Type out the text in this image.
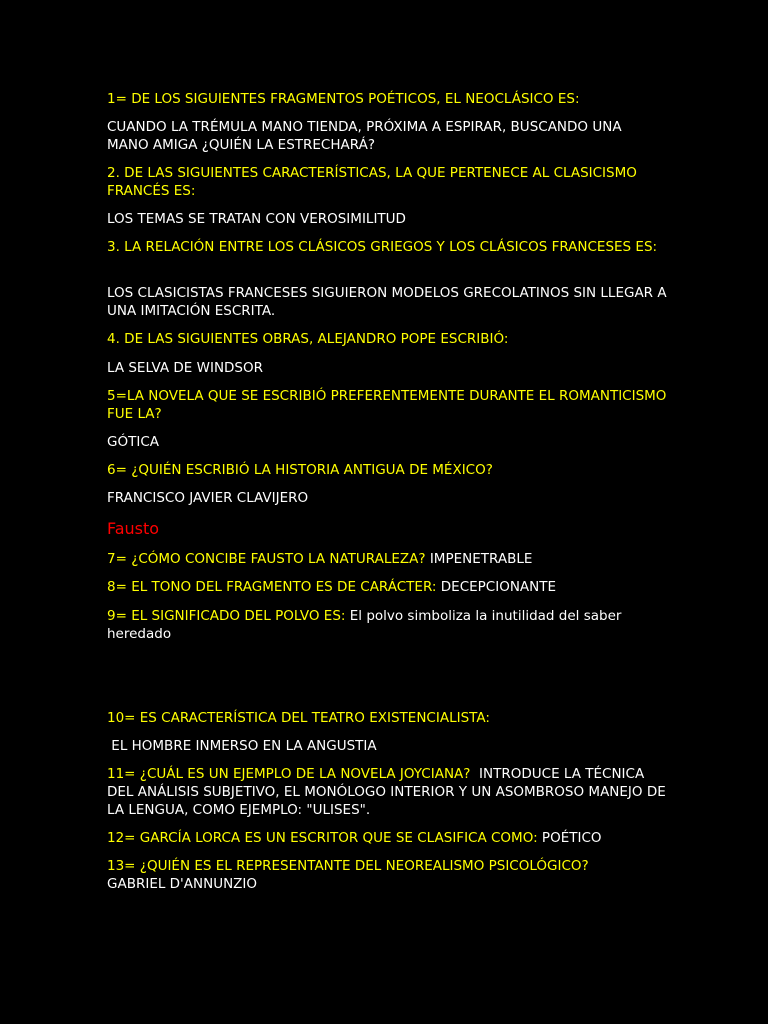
1= DE LOS SIGUIENTES FRAGMENTOS POÉTICOS, EL NEOCLÁSICO ES:

CUANDO LA TRÉMULA MANO TIENDA, PRÓXIMA A ESPIRAR, BUSCANDO UNA MANO AMIGA ¿QUIÉN LA ESTRECHARÁ?

2. DE LAS SIGUIENTES CARACTERÍSTICAS, LA QUE PERTENECE AL CLASICISMO FRANCÉS ES:

LOS TEMAS SE TRATAN CON VEROSIMILITUD

3. LA RELACIÓN ENTRE LOS CLÁSICOS GRIEGOS Y LOS CLÁSICOS FRANCESES ES:

LOS CLASICISTAS FRANCESES SIGUIERON MODELOS GRECOLATINOS SIN LLEGAR A UNA IMITACIÓN ESCRITA.

4. DE LAS SIGUIENTES OBRAS, ALEJANDRO POPE ESCRIBIÓ:

LA SELVA DE WINDSOR

5=LA NOVELA QUE SE ESCRIBIÓ PREFERENTEMENTE DURANTE EL ROMANTICISMO FUE LA?

GÓTICA

6= ¿QUIÉN ESCRIBIÓ LA HISTORIA ANTIGUA DE MÉXICO?

FRANCISCO JAVIER CLAVIJERO

Fausto

7= ¿CÓMO CONCIBE FAUSTO LA NATURALEZA? IMPENETRABLE

8= EL TONO DEL FRAGMENTO ES DE CARÁCTER: DECEPCIONANTE

9= EL SIGNIFICADO DEL POLVO ES: El polvo simboliza la inutilidad del saber heredado

10= ES CARACTERÍSTICA DEL TEATRO EXISTENCIALISTA:

EL HOMBRE INMERSO EN LA ANGUSTIA

11= ¿CUÁL ES UN EJEMPLO DE LA NOVELA JOYCIANA?  INTRODUCE LA TÉCNICA DEL ANÁLISIS SUBJETIVO, EL MONÓLOGO INTERIOR Y UN ASOMBROSO MANEJO DE LA LENGUA, COMO EJEMPLO: "ULISES".

12= GARCÍA LORCA ES UN ESCRITOR QUE SE CLASIFICA COMO: POÉTICO

13= ¿QUIÉN ES EL REPRESENTANTE DEL NEOREALISMO PSICOLÓGICO?
GABRIEL D'ANNUNZIO
